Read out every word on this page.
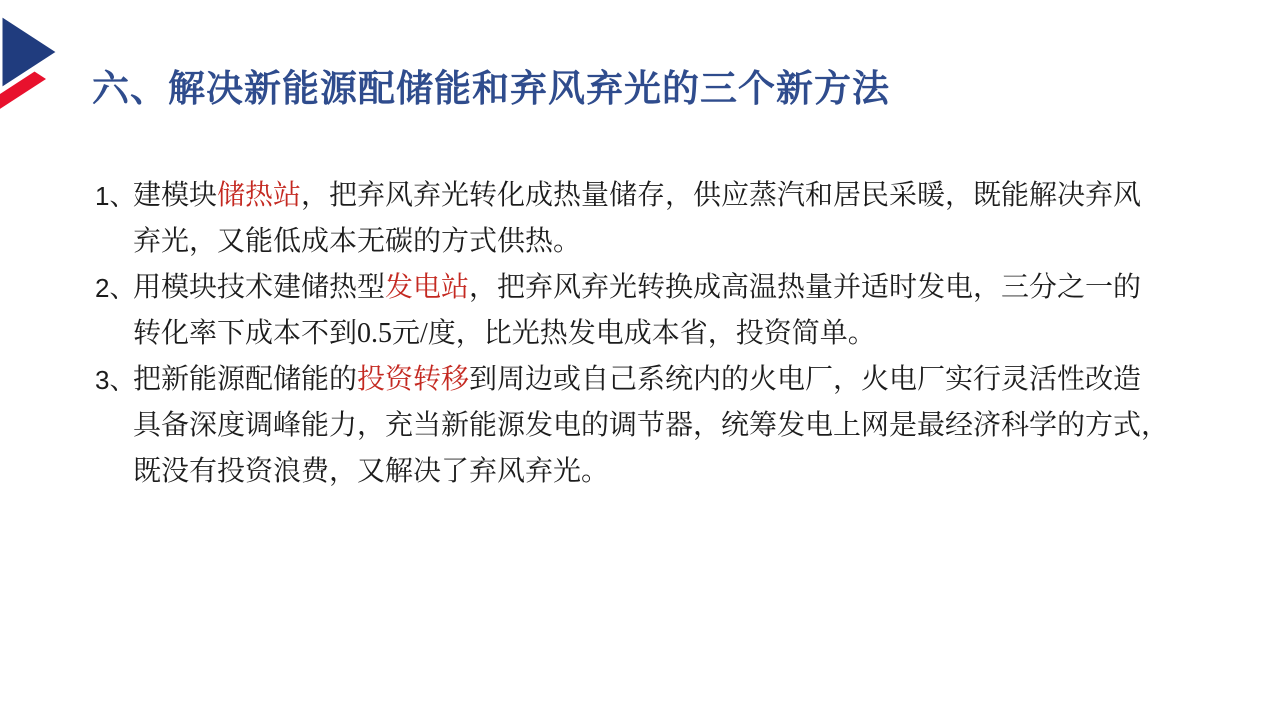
六、解决新能源配储能和弃风弃光的三个新方法
1、
建模块储热站，把弃风弃光转化成热量储存，供应蒸汽和居民采暖，既能解决弃风
弃光，又能低成本无碳的方式供热。
2、
用模块技术建储热型发电站，把弃风弃光转换成高温热量并适时发电，三分之一的
转化率下成本不到0.5元/度，比光热发电成本省，投资简单。
3、
把新能源配储能的投资转移到周边或自己系统内的火电厂，火电厂实行灵活性改造
具备深度调峰能力，充当新能源发电的调节器，统筹发电上网是最经济科学的方式，
既没有投资浪费，又解决了弃风弃光。
